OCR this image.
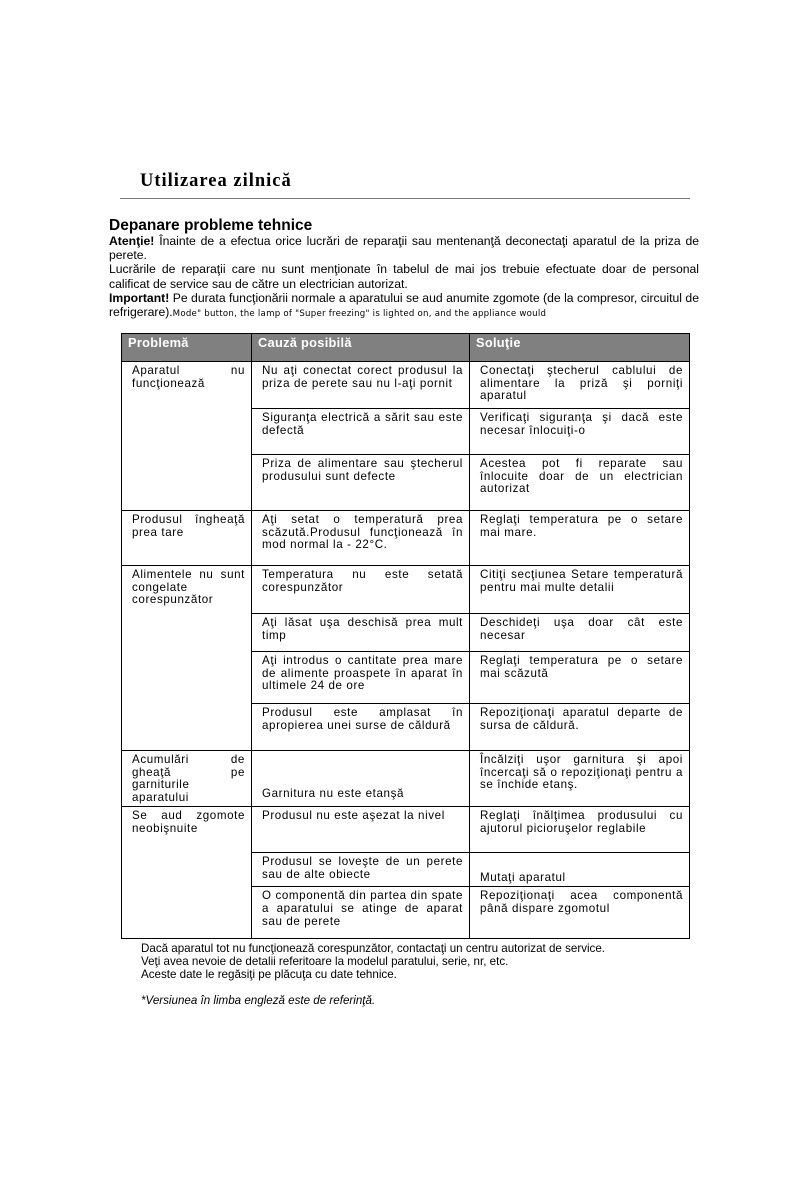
Utilizarea zilnică
Depanare probleme tehnice

Atenţie! Înainte de a efectua orice lucrări de reparaţii sau mentenanţă deconectaţi aparatul de la priza de perete.

Lucrările de reparaţii care nu sunt menţionate în tabelul de mai jos trebuie efectuate doar de personal calificat de service sau de către un electrician autorizat.

Important! Pe durata funcţionării normale a aparatului se aud anumite zgomote (de la compresor, circuitul de refrigerare).Mode" button, the lamp of "Super freezing" is lighted on, and the appliance would

Problemă	Cauză posibilă	Soluţie
Aparatul nu funcţionează	Nu aţi conectat corect produsul la priza de perete sau nu l-aţi pornit	Conectaţi ştecherul cablului de alimentare la priză şi porniţi aparatul
	Siguranţa electrică a sărit sau este defectă	Verificaţi siguranţa şi dacă este necesar înlocuiţi-o
	Priza de alimentare sau ştecherul produsului sunt defecte	Acestea pot fi reparate sau înlocuite doar de un electrician autorizat
Produsul îngheaţă prea tare	Aţi setat o temperatură prea scăzută.Produsul funcţionează în mod normal la - 22°C.	Reglaţi temperatura pe o setare mai mare.
Alimentele nu sunt congelate corespunzător	Temperatura nu este setată corespunzător	Citiţi secţiunea Setare temperatură pentru mai multe detalii
	Aţi lăsat uşa deschisă prea mult timp	Deschideţi uşa doar cât este necesar
	Aţi introdus o cantitate prea mare de alimente proaspete în aparat în ultimele 24 de ore	Reglaţi temperatura pe o setare mai scăzută
	Produsul este amplasat în apropierea unei surse de căldură	Repoziţionaţi aparatul departe de sursa de căldură.
Acumulări de gheaţă pe garniturile aparatului	Garnitura nu este etanşă	Încălziţi uşor garnitura şi apoi încercaţi să o repoziţionaţi pentru a se închide etanş.
Se aud zgomote neobişnuite	Produsul nu este aşezat la nivel	Reglaţi înălţimea produsului cu ajutorul picioruşelor reglabile
	Produsul se loveşte de un perete sau de alte obiecte	Mutaţi aparatul
	O componentă din partea din spate a aparatului se atinge de aparat sau de perete	Repoziţionaţi acea componentă până dispare zgomotul

Dacă aparatul tot nu funcţionează corespunzător, contactaţi un centru autorizat de service.

Veţi avea nevoie de detalii referitoare la modelul paratului, serie, nr, etc.

Aceste date le regăsiţi pe plăcuţa cu date tehnice.

*Versiunea în limba engleză este de referinţă.
